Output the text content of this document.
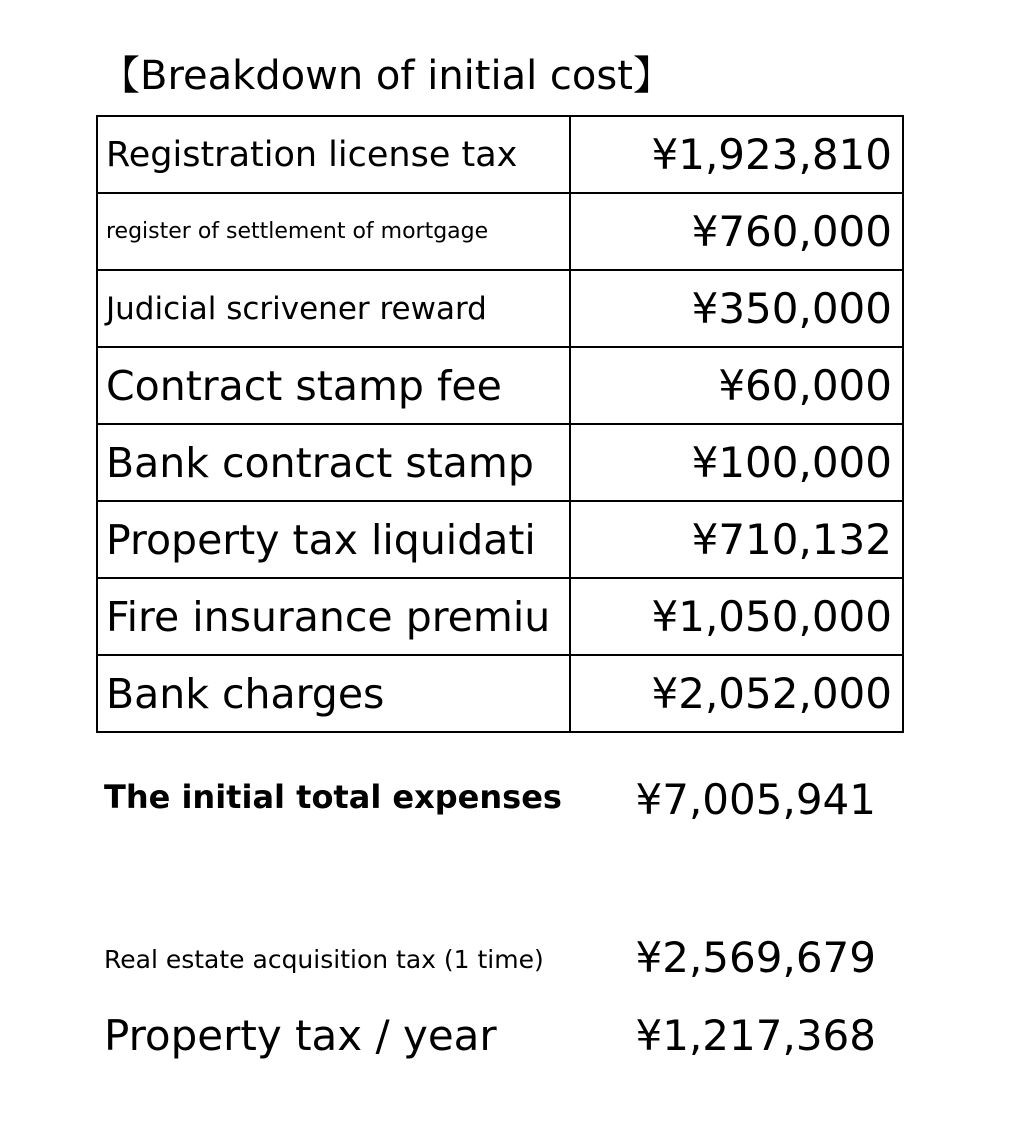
【Breakdown of initial cost】
Registration license tax	¥1,923,810
register of settlement of mortgage	¥760,000
Judicial scrivener reward	¥350,000
Contract stamp fee	¥60,000
Bank contract stamp	¥100,000
Property tax liquidati	¥710,132
Fire insurance premiu	¥1,050,000
Bank charges	¥2,052,000
The initial total expenses ¥7,005,941
Real estate acquisition tax (1 time) ¥2,569,679
Property tax / year	¥1,217,368
